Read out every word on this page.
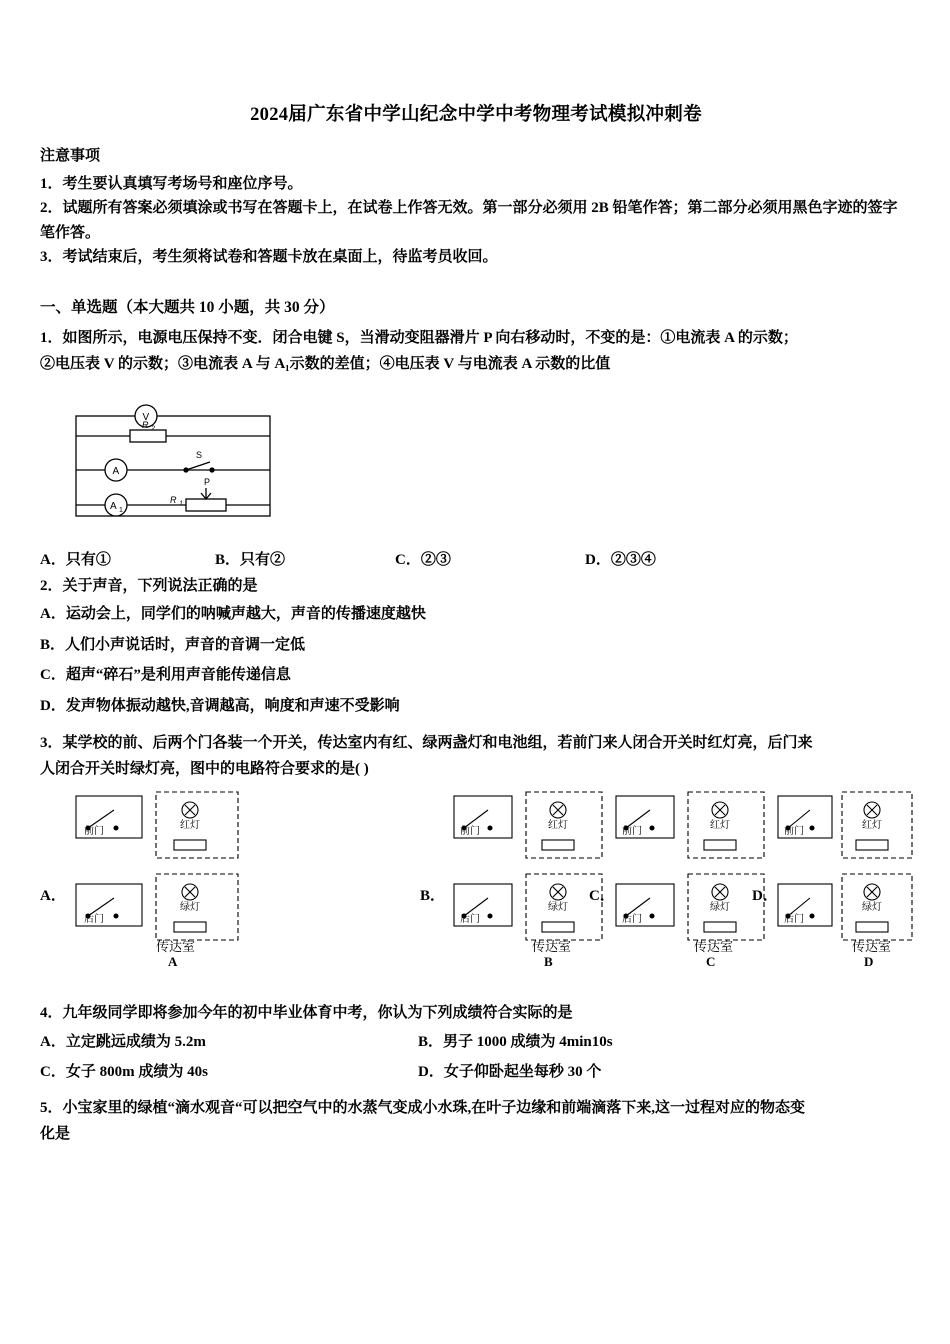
2024届广东省中学山纪念中学中考物理考试模拟冲刺卷
注意事项

1．考生要认真填写考场号和座位序号。

2．试题所有答案必须填涂或书写在答题卡上，在试卷上作答无效。第一部分必须用 2B 铅笔作答；第二部分必须用黑色字迹的签字笔作答。

3．考试结束后，考生须将试卷和答题卡放在桌面上，待监考员收回。

一、单选题（本大题共 10 小题，共 30 分）

1．如图所示，电源电压保持不变．闭合电键 S，当滑动变阻器滑片 P 向右移动时，不变的是：①电流表 A 的示数；

②电压表 V 的示数；③电流表 A 与 A₁示数的差值；④电压表 V 与电流表 A 示数的比值

V
A
A 1
R 2
R 1
P
S
A．只有①	B．只有②	C．②③	D．②③④

2．关于声音，下列说法正确的是

A．运动会上，同学们的呐喊声越大，声音的传播速度越快
B．人们小声说话时，声音的音调一定低
C．超声“碎石”是利用声音能传递信息
D．发声物体振动越快,音调越高，响度和声速不受影响

3．某学校的前、后两个门各装一个开关，传达室内有红、绿两盏灯和电池组，若前门来人闭合开关时红灯亮，后门来

人闭合开关时绿灯亮，图中的电路符合要求的是( )

A．
前门
后门
红灯
绿灯
传达室
A
B．
前门
后门
红灯
绿灯
传达室
B
C．
前门
后门
红灯
绿灯
传达室
C
D．
前门
后门
红灯
绿灯
传达室
D

4．九年级同学即将参加今年的初中毕业体育中考，你认为下列成绩符合实际的是

A．立定跳远成绩为 5.2m	B．男子 1000 成绩为 4min10s
C．女子 800m 成绩为 40s	D．女子仰卧起坐每秒 30 个

5．小宝家里的绿植“滴水观音“可以把空气中的水蒸气变成小水珠,在叶子边缘和前端滴落下来,这一过程对应的物态变

化是
